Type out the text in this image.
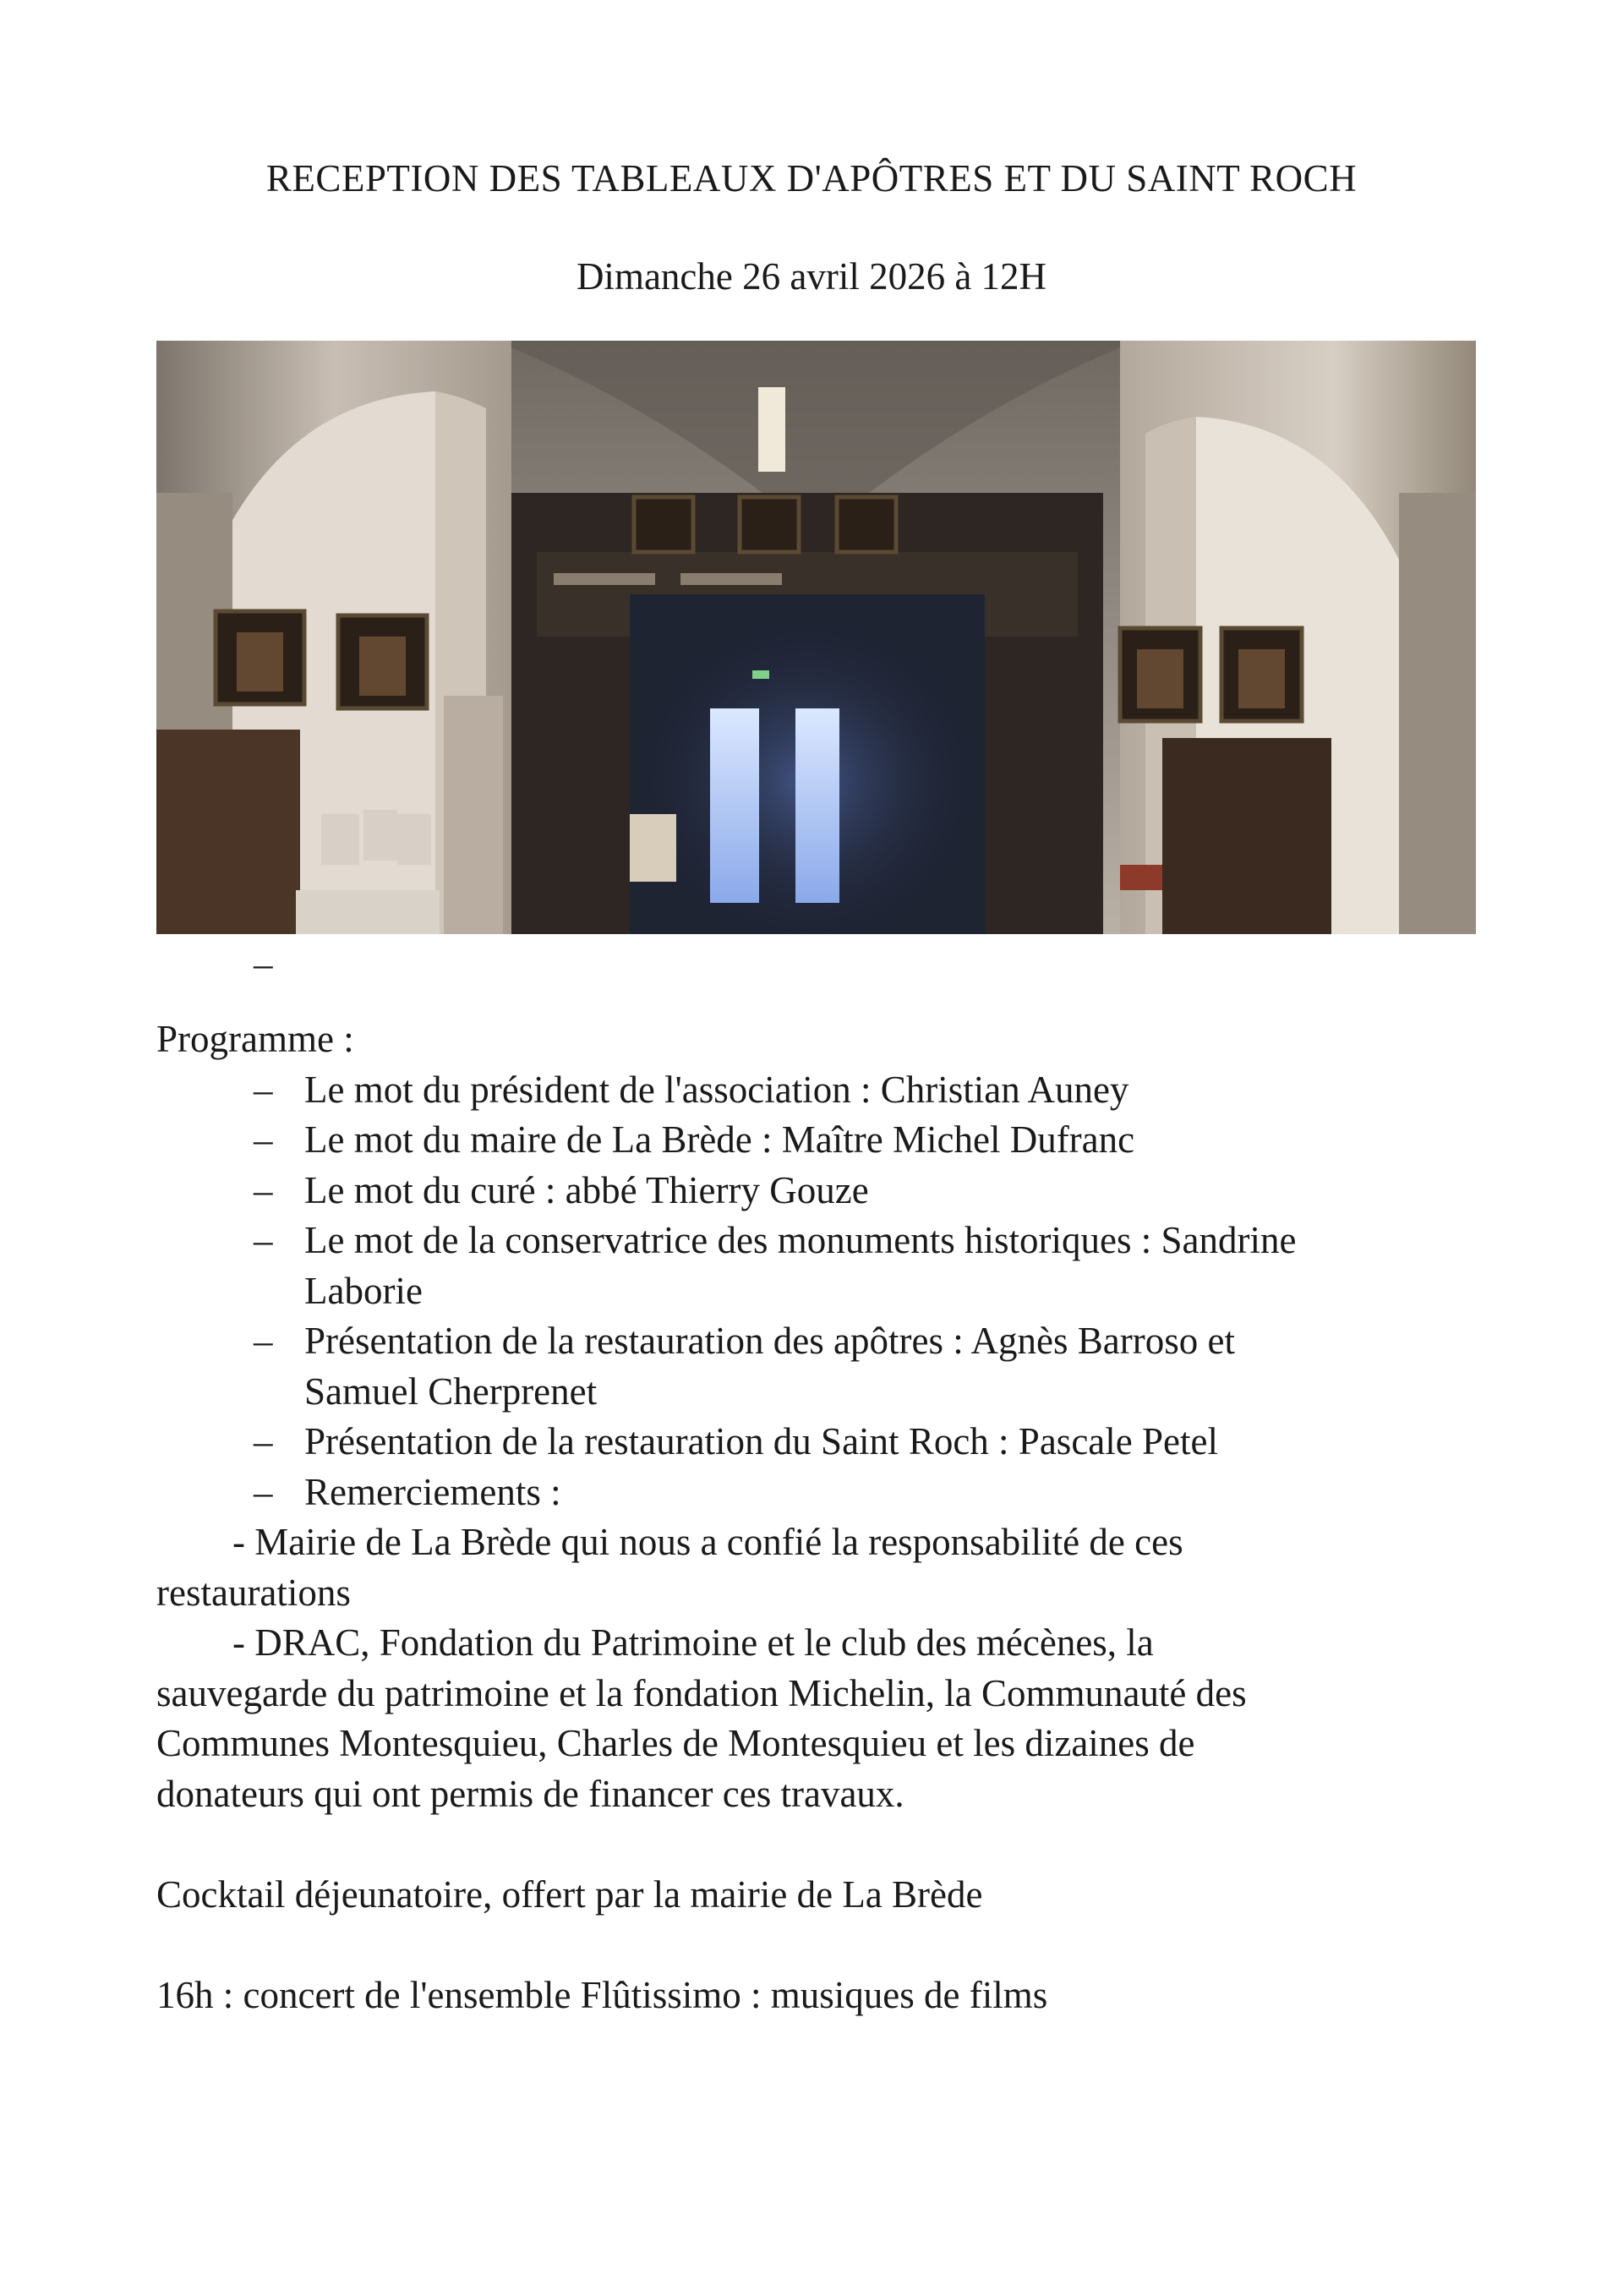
RECEPTION DES TABLEAUX D'APÔTRES ET DU SAINT ROCH

Dimanche 26 avril 2026 à 12H

–

Programme :

– Le mot du président de l'association : Christian Auney
– Le mot du maire de La Brède : Maître Michel Dufranc
– Le mot du curé : abbé Thierry Gouze
– Le mot de la conservatrice des monuments historiques : Sandrine
Laborie
– Présentation de la restauration des apôtres : Agnès Barroso et
Samuel Cherprenet
– Présentation de la restauration du Saint Roch : Pascale Petel
– Remerciements :
- Mairie de La Brède qui nous a confié la responsabilité de ces
restaurations
- DRAC, Fondation du Patrimoine et le club des mécènes, la
sauvegarde du patrimoine et la fondation Michelin, la Communauté des
Communes Montesquieu, Charles de Montesquieu et les dizaines de
donateurs qui ont permis de financer ces travaux.
Cocktail déjeunatoire, offert par la mairie de La Brède
16h : concert de l'ensemble Flûtissimo : musiques de films
